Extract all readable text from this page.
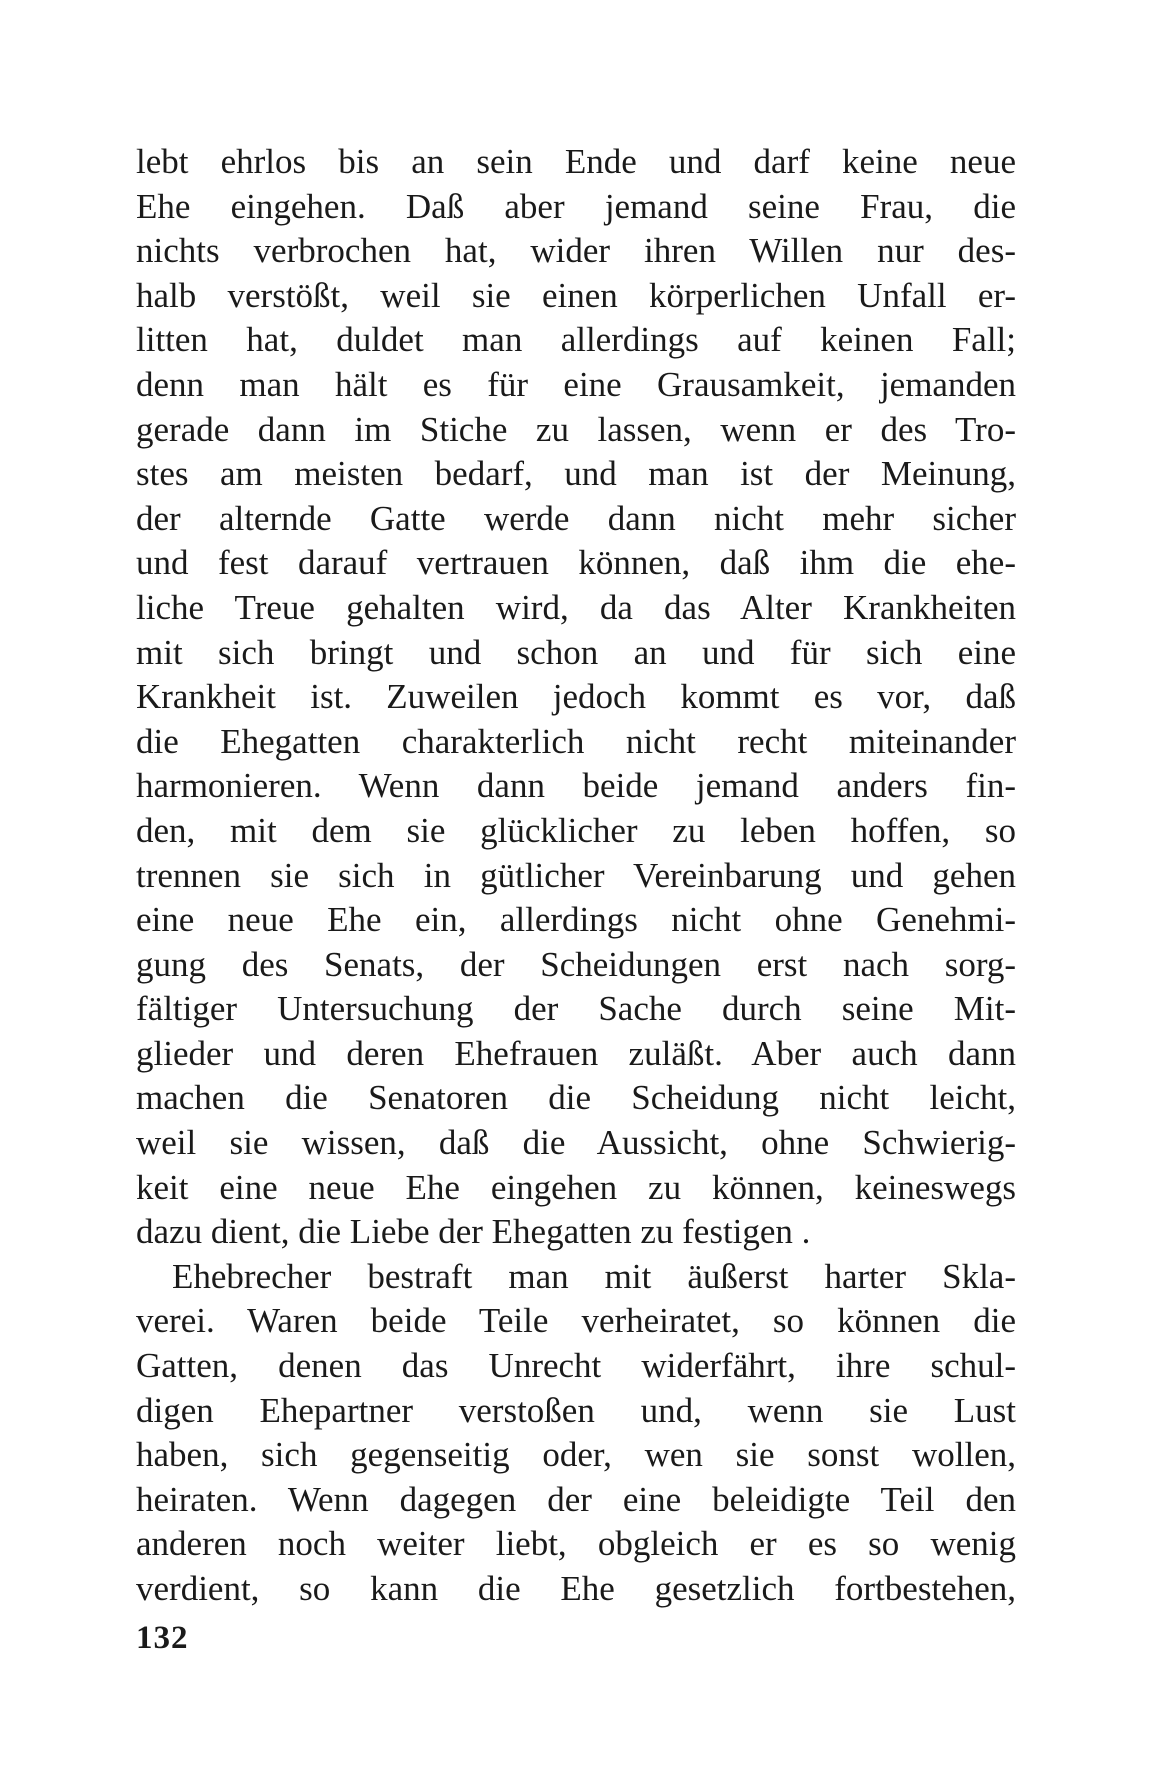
lebt ehrlos bis an sein Ende und darf keine neue
Ehe eingehen. Daß aber jemand seine Frau, die
nichts verbrochen hat, wider ihren Willen nur des-
halb verstößt, weil sie einen körperlichen Unfall er-
litten hat, duldet man allerdings auf keinen Fall;
denn man hält es für eine Grausamkeit, jemanden
gerade dann im Stiche zu lassen, wenn er des Tro-
stes am meisten bedarf, und man ist der Meinung,
der alternde Gatte werde dann nicht mehr sicher
und fest darauf vertrauen können, daß ihm die ehe-
liche Treue gehalten wird, da das Alter Krankheiten
mit sich bringt und schon an und für sich eine
Krankheit ist. Zuweilen jedoch kommt es vor, daß
die Ehegatten charakterlich nicht recht miteinander
harmonieren. Wenn dann beide jemand anders fin-
den, mit dem sie glücklicher zu leben hoffen, so
trennen sie sich in gütlicher Vereinbarung und gehen
eine neue Ehe ein, allerdings nicht ohne Genehmi-
gung des Senats, der Scheidungen erst nach sorg-
fältiger Untersuchung der Sache durch seine Mit-
glieder und deren Ehefrauen zuläßt. Aber auch dann
machen die Senatoren die Scheidung nicht leicht,
weil sie wissen, daß die Aussicht, ohne Schwierig-
keit eine neue Ehe eingehen zu können, keineswegs
dazu dient, die Liebe der Ehegatten zu festigen .
Ehebrecher bestraft man mit äußerst harter Skla-
verei. Waren beide Teile verheiratet, so können die
Gatten, denen das Unrecht widerfährt, ihre schul-
digen Ehepartner verstoßen und, wenn sie Lust
haben, sich gegenseitig oder, wen sie sonst wollen,
heiraten. Wenn dagegen der eine beleidigte Teil den
anderen noch weiter liebt, obgleich er es so wenig
verdient, so kann die Ehe gesetzlich fortbestehen,
132
